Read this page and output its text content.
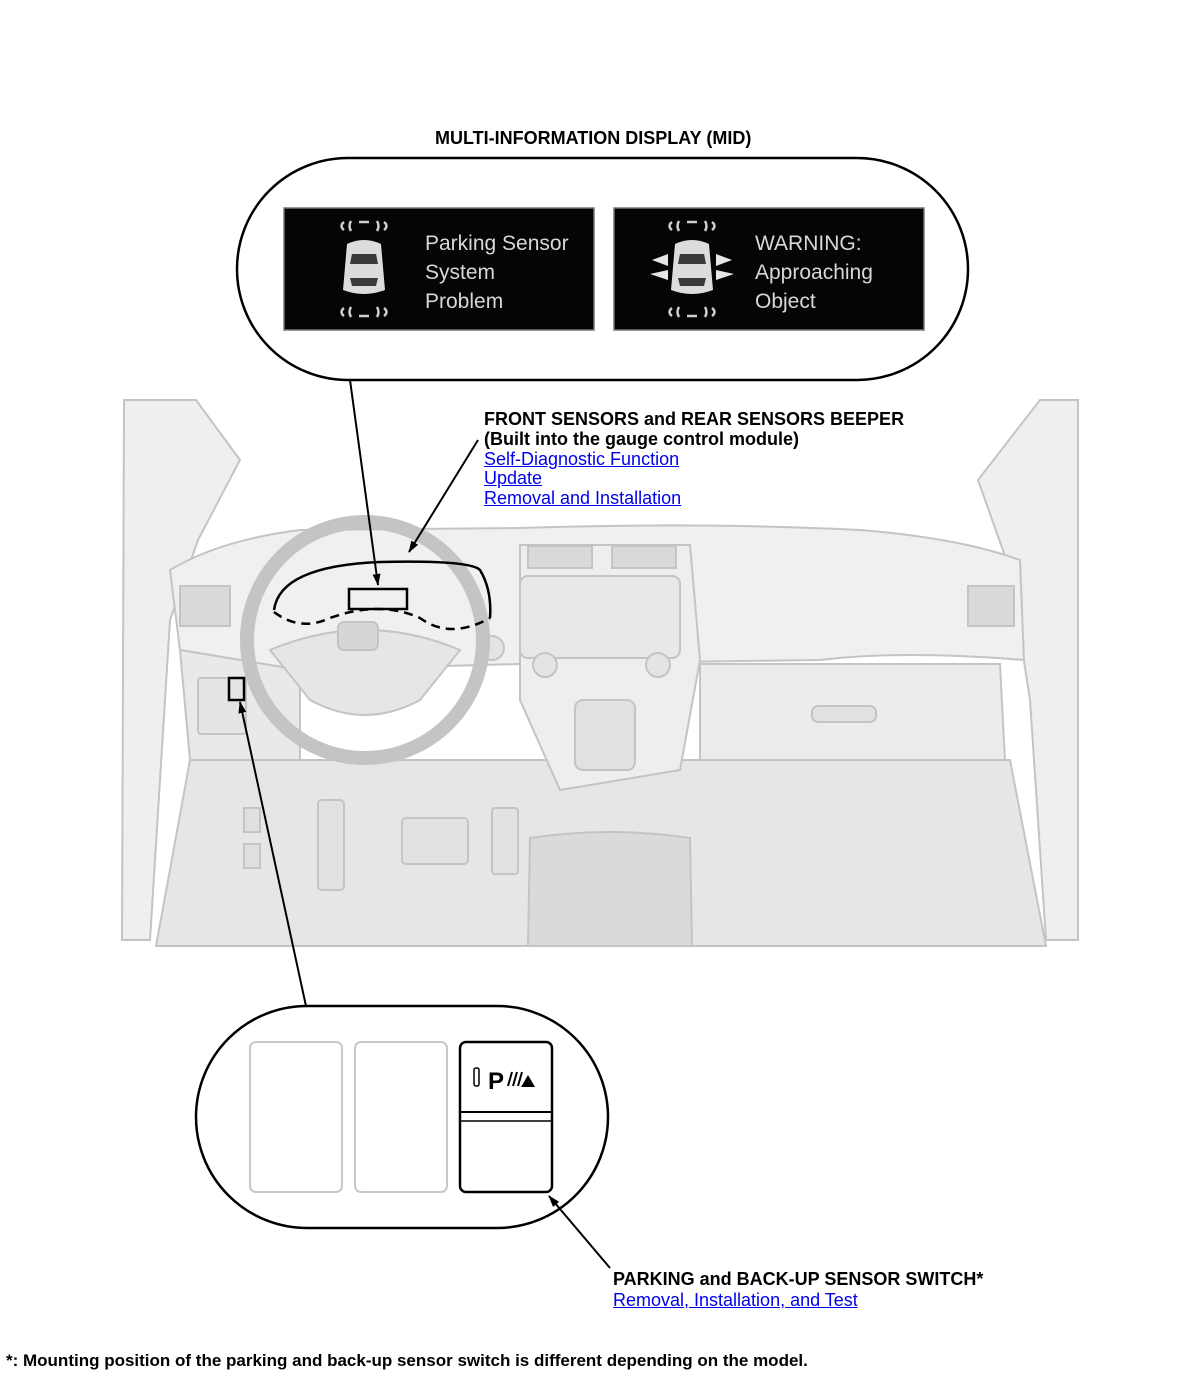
Parking Sensor
System
Problem
WARNING:
Approaching
Object
P

MULTI-INFORMATION DISPLAY (MID)

FRONT SENSORS and REAR SENSORS BEEPER

(Built into the gauge control module)

Self-Diagnostic Function
Update
Removal and Installation

PARKING and BACK-UP SENSOR SWITCH*

Removal, Installation, and Test

*: Mounting position of the parking and back-up sensor switch is different depending on the model.
